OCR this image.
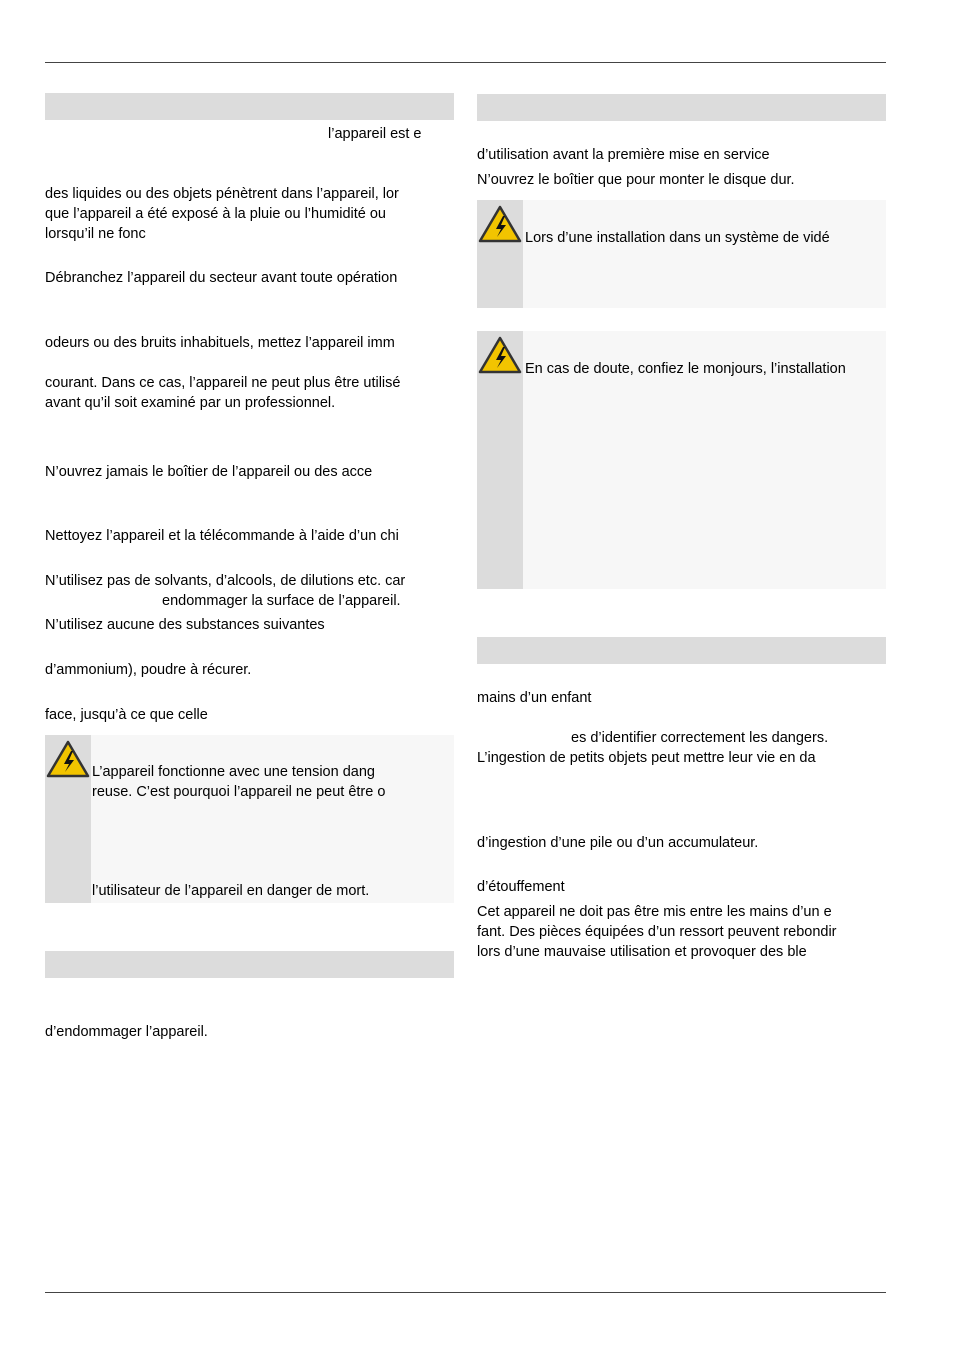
l’appareil est e
des liquides ou des objets pénètrent dans l’appareil, lor
que l’appareil a été exposé à la pluie ou l’humidité ou
lorsqu’il ne fonc
Débranchez l’appareil du secteur avant toute opération
odeurs ou des bruits inhabituels, mettez l’appareil imm
courant. Dans ce cas, l’appareil ne peut plus être utilisé
avant qu’il soit examiné par un professionnel.
N’ouvrez jamais le boîtier de l’appareil ou des acce
Nettoyez l’appareil et la télécommande à l’aide d’un chi
N’utilisez pas de solvants, d’alcools, de dilutions etc. car
endommager la surface de l’appareil.
N’utilisez aucune des substances suivantes
d’ammonium), poudre à récurer.
face, jusqu’à ce que celle
L’appareil fonctionne avec une tension dang
reuse. C’est pourquoi l’appareil ne peut être o
l’utilisateur de l’appareil en danger de mort.
d’endommager l’appareil.
d’utilisation avant la première mise en service
N’ouvrez le boîtier que pour monter le disque dur.
Lors d’une installation dans un système de vidé
En cas de doute, confiez le monjours, l’installation
mains d’un enfant
es d’identifier correctement les dangers.
L’ingestion de petits objets peut mettre leur vie en da
d’ingestion d’une pile ou d’un accumulateur.
d’étouffement
Cet appareil ne doit pas être mis entre les mains d’un e
fant. Des pièces équipées d’un ressort peuvent rebondir
lors d’une mauvaise utilisation et provoquer des ble
